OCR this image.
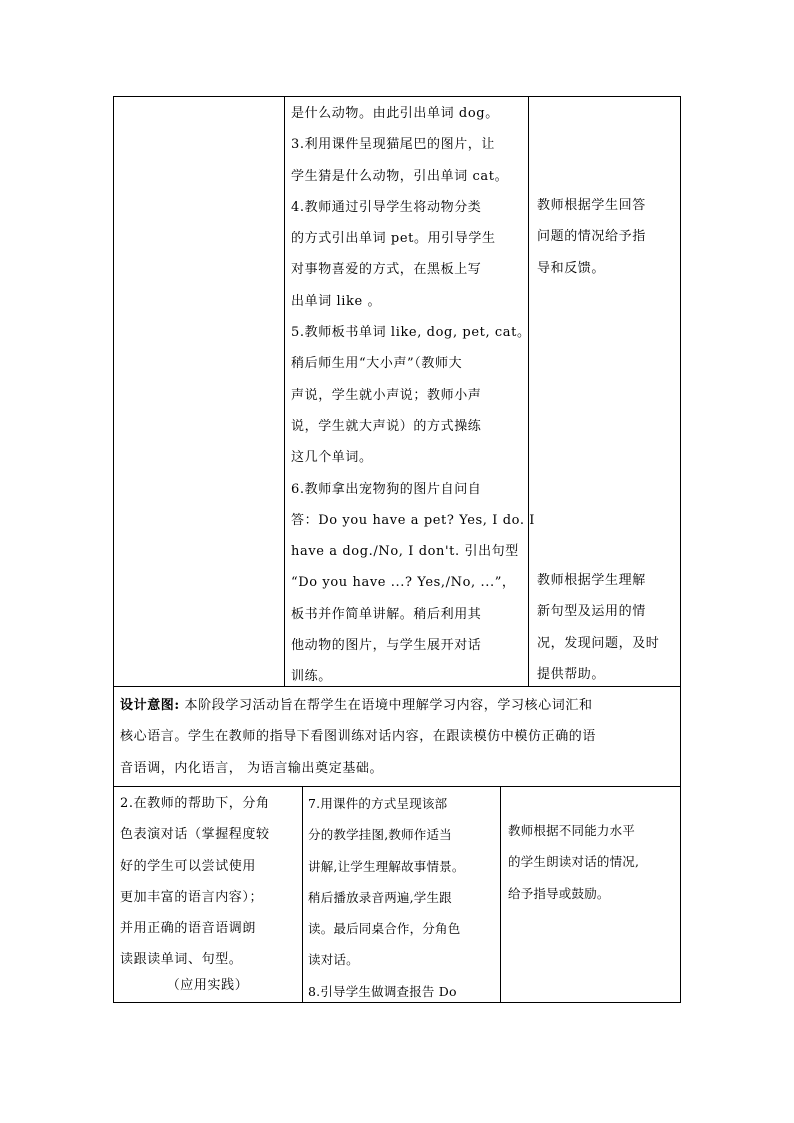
是什么动物。由此引出单词 dog。

3.利用课件呈现猫尾巴的图片，让

学生猜是什么动物，引出单词 cat。

4.教师通过引导学生将动物分类

的方式引出单词 pet。用引导学生

对事物喜爱的方式，在黑板上写

出单词 like 。

5.教师板书单词 like, dog, pet, cat。

稍后师生用“大小声”（教师大

声说，学生就小声说；教师小声

说，学生就大声说）的方式操练

这几个单词。

6.教师拿出宠物狗的图片自问自

答：Do you have a pet? Yes, I do. I

have a dog./No, I don't. 引出句型

“Do you have ...? Yes,/No, ...”，

板书并作简单讲解。稍后利用其

他动物的图片，与学生展开对话

训练。

教师根据学生回答

问题的情况给予指

导和反馈。

教师根据学生理解

新句型及运用的情

况，发现问题，及时

提供帮助。

设计意图: 本阶段学习活动旨在帮学生在语境中理解学习内容，学习核心词汇和

核心语言。学生在教师的指导下看图训练对话内容，在跟读模仿中模仿正确的语

音语调，内化语言， 为语言输出奠定基础。

2.在教师的帮助下，分角

色表演对话（掌握程度较

好的学生可以尝试使用

更加丰富的语言内容）；

并用正确的语音语调朗

读跟读单词、句型。

（应用实践）

7.用课件的方式呈现该部

分的教学挂图,教师作适当

讲解,让学生理解故事情景。

稍后播放录音两遍,学生跟

读。最后同桌合作，分角色

读对话。

8.引导学生做调查报告 Do

教师根据不同能力水平

的学生朗读对话的情况,

给予指导或鼓励。
